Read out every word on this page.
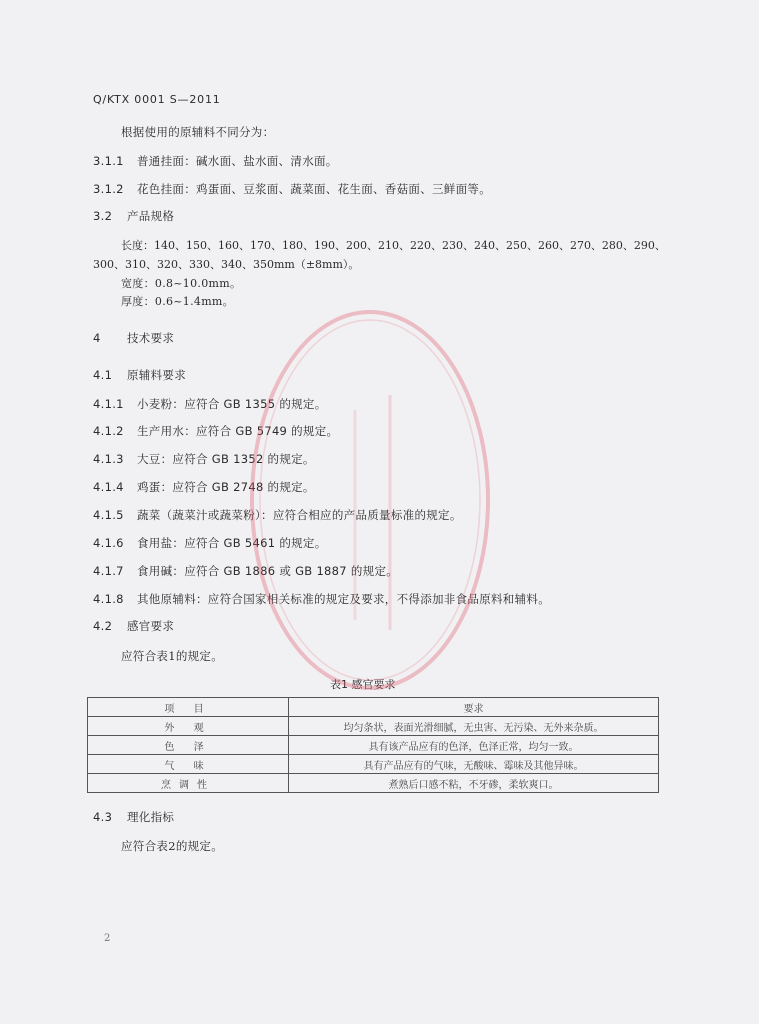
Q/KTX 0001 S—2011
根据使用的原辅料不同分为：
3.1.1 普通挂面：碱水面、盐水面、清水面。
3.1.2 花色挂面：鸡蛋面、豆浆面、蔬菜面、花生面、香菇面、三鲜面等。
3.2 产品规格
长度：140、150、160、170、180、190、200、210、220、230、240、250、260、270、280、290、
300、310、320、330、340、350mm（±8mm）。
宽度：0.8~10.0mm。
厚度：0.6~1.4mm。
4 技术要求
4.1 原辅料要求
4.1.1 小麦粉：应符合 GB 1355 的规定。
4.1.2 生产用水：应符合 GB 5749 的规定。
4.1.3 大豆：应符合 GB 1352 的规定。
4.1.4 鸡蛋：应符合 GB 2748 的规定。
4.1.5 蔬菜（蔬菜汁或蔬菜粉）：应符合相应的产品质量标准的规定。
4.1.6 食用盐：应符合 GB 5461 的规定。
4.1.7 食用碱：应符合 GB 1886 或 GB 1887 的规定。
4.1.8 其他原辅料：应符合国家相关标准的规定及要求，不得添加非食品原料和辅料。
4.2 感官要求
应符合表1的规定。
表1 感官要求
项 目	要求
外 观	均匀条状，表面光滑细腻，无虫害、无污染、无外来杂质。
色 泽	具有该产品应有的色泽，色泽正常，均匀一致。
气 味	具有产品应有的气味，无酸味、霉味及其他异味。
烹调性	煮熟后口感不粘，不牙碜，柔软爽口。
4.3 理化指标
应符合表2的规定。
2
